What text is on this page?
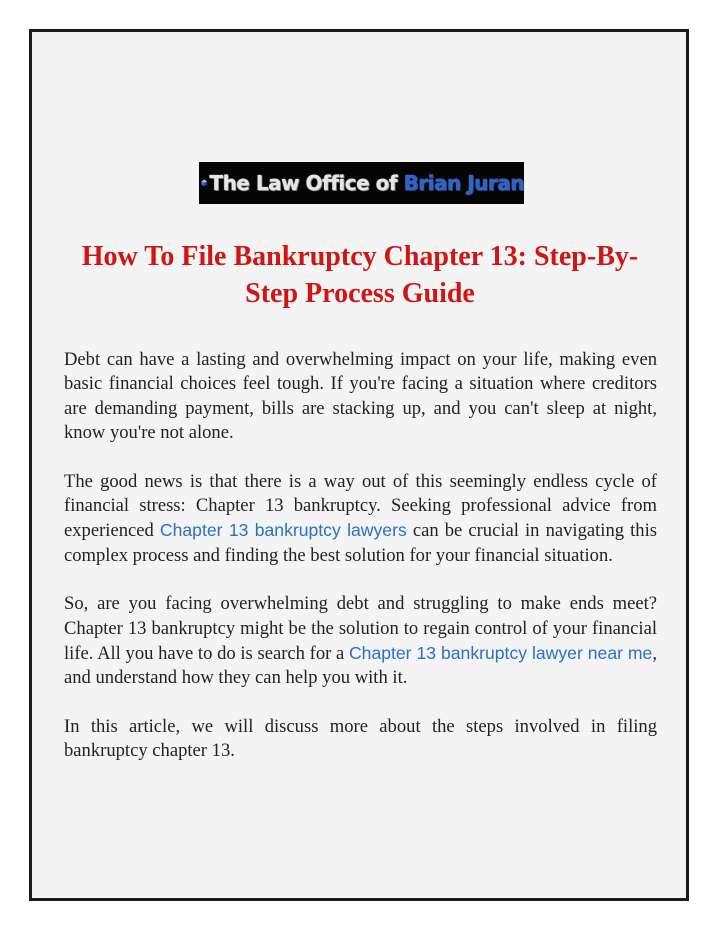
The Law Office of Brian Juran
How To File Bankruptcy Chapter 13: Step-By-Step Process Guide

Debt can have a lasting and overwhelming impact on your life, making even basic financial choices feel tough. If you're facing a situation where creditors are demanding payment, bills are stacking up, and you can't sleep at night, know you're not alone.

The good news is that there is a way out of this seemingly endless cycle of financial stress: Chapter 13 bankruptcy. Seeking professional advice from experienced Chapter 13 bankruptcy lawyers can be crucial in navigating this complex process and finding the best solution for your financial situation.

So, are you facing overwhelming debt and struggling to make ends meet? Chapter 13 bankruptcy might be the solution to regain control of your financial life. All you have to do is search for a Chapter 13 bankruptcy lawyer near me, and understand how they can help you with it.

In this article, we will discuss more about the steps involved in filing bankruptcy chapter 13.
